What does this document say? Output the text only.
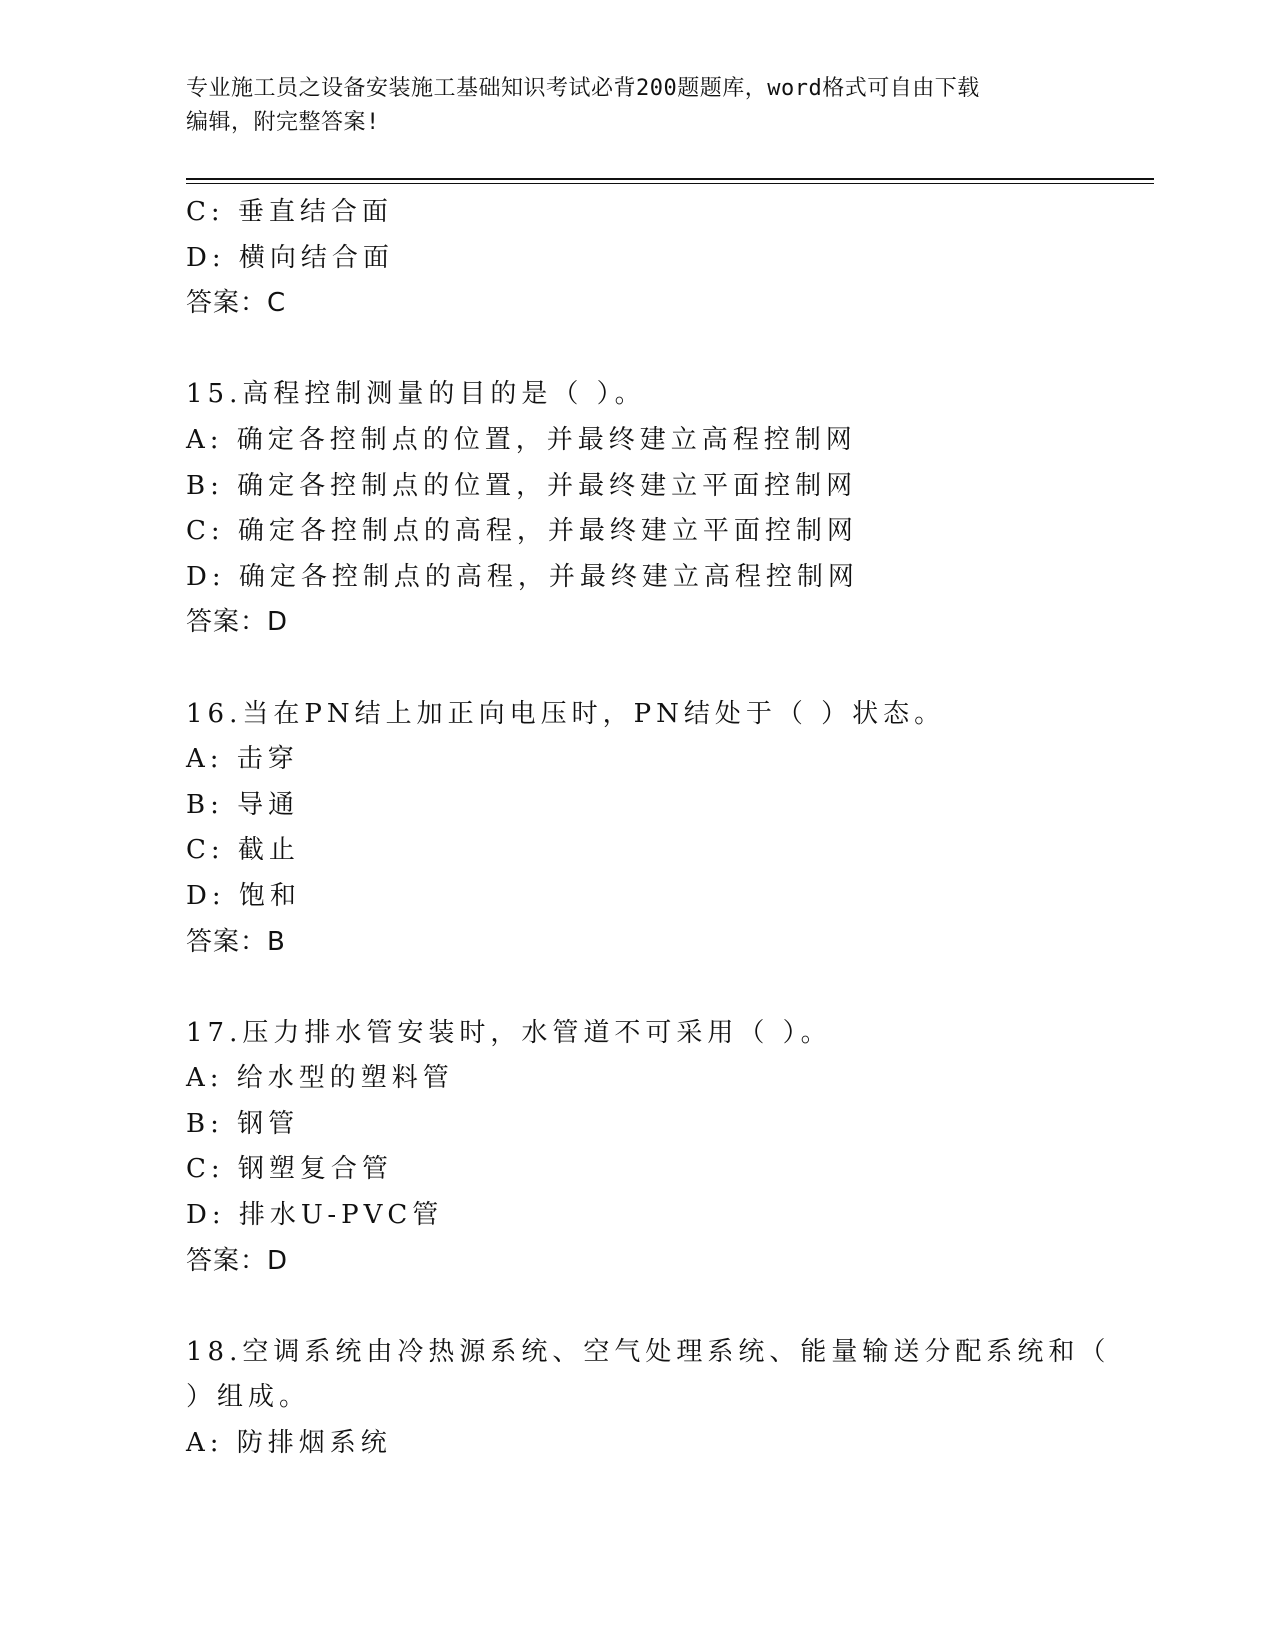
专业施工员之设备安装施工基础知识考试必背200题题库，word格式可自由下载
编辑，附完整答案!
C: 垂直结合面
D: 横向结合面
答案：C
15.高程控制测量的目的是（ ）。
A: 确定各控制点的位置，并最终建立高程控制网
B: 确定各控制点的位置，并最终建立平面控制网
C: 确定各控制点的高程，并最终建立平面控制网
D: 确定各控制点的高程，并最终建立高程控制网
答案：D
16.当在PN结上加正向电压时，PN结处于（ ）状态。
A: 击穿
B: 导通
C: 截止
D: 饱和
答案：B
17.压力排水管安装时，水管道不可采用（ ）。
A: 给水型的塑料管
B: 钢管
C: 钢塑复合管
D: 排水U-PVC管
答案：D
18.空调系统由冷热源系统、空气处理系统、能量输送分配系统和（
）组成。
A: 防排烟系统
